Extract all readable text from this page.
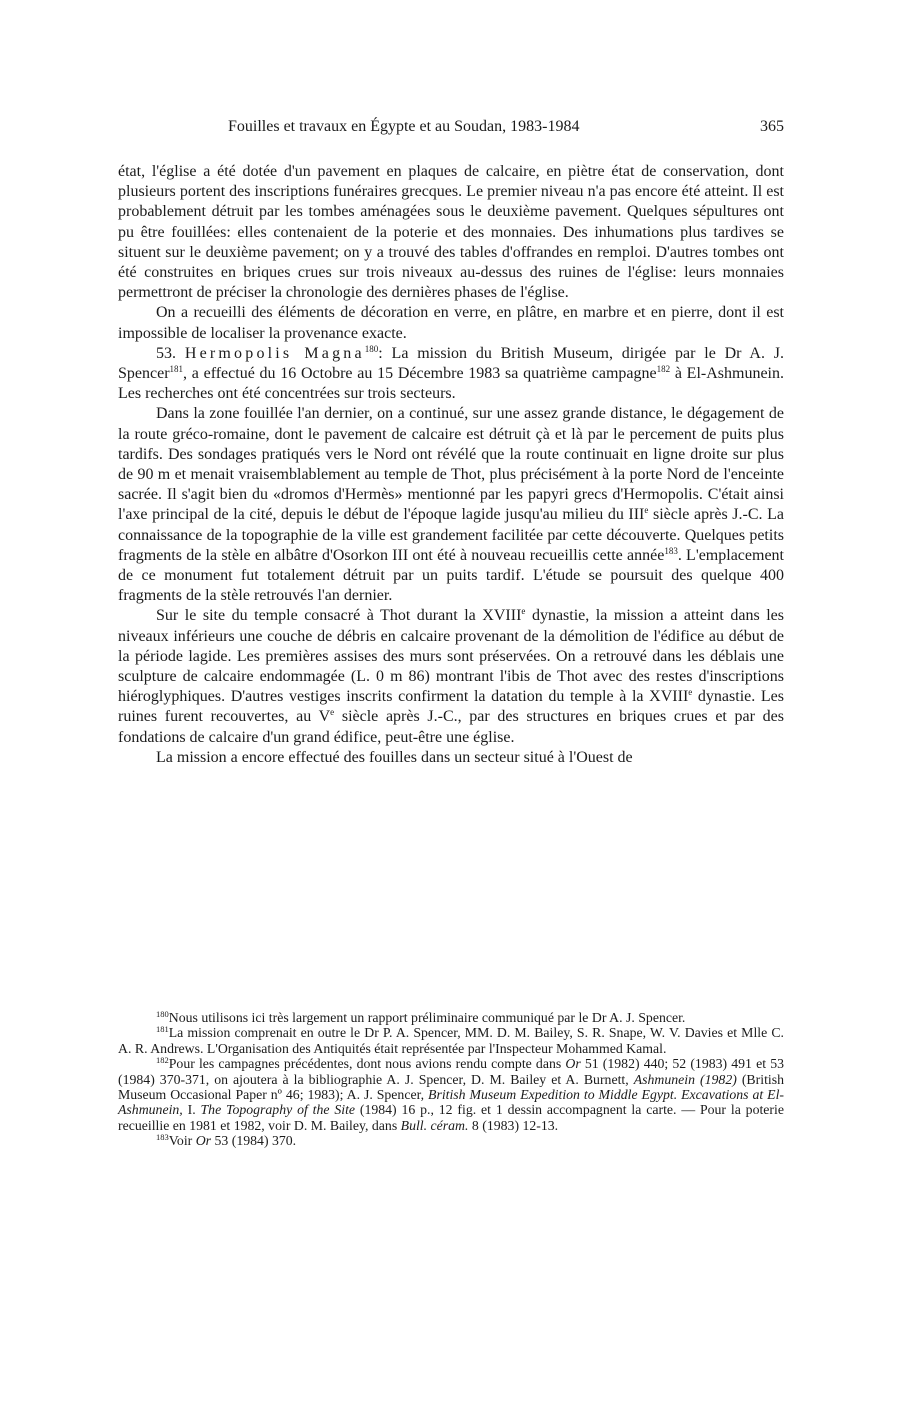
Fouilles et travaux en Égypte et au Soudan, 1983-1984	365

état, l'église a été dotée d'un pavement en plaques de calcaire, en piètre état de conservation, dont plusieurs portent des inscriptions funéraires grecques. Le premier niveau n'a pas encore été atteint. Il est probablement détruit par les tombes aménagées sous le deuxième pavement. Quelques sépultures ont pu être fouillées: elles contenaient de la poterie et des monnaies. Des inhumations plus tardives se situent sur le deuxième pavement; on y a trouvé des tables d'offrandes en remploi. D'autres tombes ont été construites en briques crues sur trois niveaux au-dessus des ruines de l'église: leurs monnaies permettront de préciser la chronologie des dernières phases de l'église.

On a recueilli des éléments de décoration en verre, en plâtre, en marbre et en pierre, dont il est impossible de localiser la provenance exacte.

53. Hermopolis Magna$^{180}$: La mission du British Museum, dirigée par le Dr A. J. Spencer$^{181}$, a effectué du 16 Octobre au 15 Décembre 1983 sa quatrième campagne$^{182}$ à El-Ashmunein. Les recherches ont été concentrées sur trois secteurs.

Dans la zone fouillée l'an dernier, on a continué, sur une assez grande distance, le dégagement de la route gréco-romaine, dont le pavement de calcaire est détruit çà et là par le percement de puits plus tardifs. Des sondages pratiqués vers le Nord ont révélé que la route continuait en ligne droite sur plus de 90 m et menait vraisemblablement au temple de Thot, plus précisément à la porte Nord de l'enceinte sacrée. Il s'agit bien du «dromos d'Hermès» mentionné par les papyri grecs d'Hermopolis. C'était ainsi l'axe principal de la cité, depuis le début de l'époque lagide jusqu'au milieu du IIIe siècle après J.-C. La connaissance de la topographie de la ville est grandement facilitée par cette découverte. Quelques petits fragments de la stèle en albâtre d'Osorkon III ont été à nouveau recueillis cette année$^{183}$. L'emplacement de ce monument fut totalement détruit par un puits tardif. L'étude se poursuit des quelque 400 fragments de la stèle retrouvés l'an dernier.

Sur le site du temple consacré à Thot durant la XVIIIe dynastie, la mission a atteint dans les niveaux inférieurs une couche de débris en calcaire provenant de la démolition de l'édifice au début de la période lagide. Les premières assises des murs sont préservées. On a retrouvé dans les déblais une sculpture de calcaire endommagée (L. 0 m 86) montrant l'ibis de Thot avec des restes d'inscriptions hiéroglyphiques. D'autres vestiges inscrits confirment la datation du temple à la XVIIIe dynastie. Les ruines furent recouvertes, au Ve siècle après J.-C., par des structures en briques crues et par des fondations de calcaire d'un grand édifice, peut-être une église.

La mission a encore effectué des fouilles dans un secteur situé à l'Ouest de

$^{180}$Nous utilisons ici très largement un rapport préliminaire communiqué par le Dr A. J. Spencer.

$^{181}$La mission comprenait en outre le Dr P. A. Spencer, MM. D. M. Bailey, S. R. Snape, W. V. Davies et Mlle C. A. R. Andrews. L'Organisation des Antiquités était représentée par l'Inspecteur Mohammed Kamal.

$^{182}$Pour les campagnes précédentes, dont nous avions rendu compte dans Or 51 (1982) 440; 52 (1983) 491 et 53 (1984) 370-371, on ajoutera à la bibliographie A. J. Spencer, D. M. Bailey et A. Burnett, Ashmunein (1982) (British Museum Occasional Paper nº 46; 1983); A. J. Spencer, British Museum Expedition to Middle Egypt. Excavations at El-Ashmunein, I. The Topography of the Site (1984) 16 p., 12 fig. et 1 dessin accompagnent la carte. — Pour la poterie recueillie en 1981 et 1982, voir D. M. Bailey, dans Bull. céram. 8 (1983) 12-13.

$^{183}$Voir Or 53 (1984) 370.
